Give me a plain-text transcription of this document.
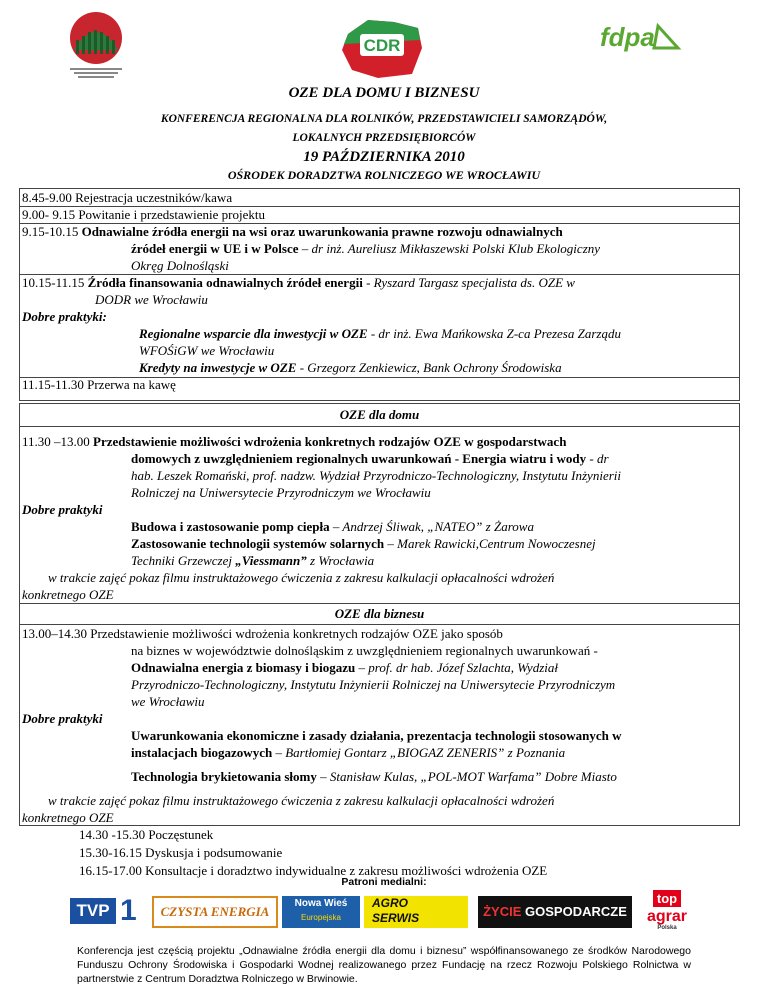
CDR	fdpa
OZE DLA DOMU I BIZNESU
KONFERENCJA REGIONALNA DLA ROLNIKÓW, PRZEDSTAWICIELI SAMORZĄDÓW,
LOKALNYCH PRZEDSIĘBIORCÓW
19 PAŹDZIERNIKA 2010
OŚRODEK DORADZTWA ROLNICZEGO WE WROCŁAWIU

8.45-9.00 Rejestracja uczestników/kawa

9.00- 9.15 Powitanie i przedstawienie projektu

9.15-10.15 Odnawialne źródła energii na wsi oraz uwarunkowania prawne rozwoju odnawialnych

źródeł energii w UE i w Polsce – dr inż. Aureliusz Mikłaszewski Polski Klub Ekologiczny

Okręg Dolnośląski

10.15-11.15 Źródła finansowania odnawialnych źródeł energii - Ryszard Targasz specjalista ds. OZE w

DODR we Wrocławiu

Dobre praktyki:

Regionalne wsparcie dla inwestycji w OZE - dr inż. Ewa Mańkowska Z-ca Prezesa Zarządu

WFOŚiGW we Wrocławiu

Kredyty na inwestycje w OZE - Grzegorz Zenkiewicz, Bank Ochrony Środowiska

11.15-11.30 Przerwa na kawę

OZE dla domu

11.30 –13.00 Przedstawienie możliwości wdrożenia konkretnych rodzajów OZE w gospodarstwach

domowych z uwzględnieniem regionalnych uwarunkowań - Energia wiatru i wody - dr

hab. Leszek Romański, prof. nadzw. Wydział Przyrodniczo-Technologiczny, Instytutu Inżynierii

Rolniczej na Uniwersytecie Przyrodniczym we Wrocławiu

Dobre praktyki

Budowa i zastosowanie pomp ciepła – Andrzej Śliwak, „NATEO” z Żarowa

Zastosowanie technologii systemów solarnych – Marek Rawicki,Centrum Nowoczesnej

Techniki Grzewczej „Viessmann” z Wrocławia

w trakcie zajęć pokaz filmu instruktażowego ćwiczenia z zakresu kalkulacji opłacalności wdrożeń

konkretnego OZE

OZE dla biznesu

13.00–14.30 Przedstawienie możliwości wdrożenia konkretnych rodzajów OZE jako sposób

na biznes w województwie dolnośląskim z uwzględnieniem regionalnych uwarunkowań -

Odnawialna energia z biomasy i biogazu – prof. dr hab. Józef Szlachta, Wydział

Przyrodniczo-Technologiczny, Instytutu Inżynierii Rolniczej na Uniwersytecie Przyrodniczym

we Wrocławiu

Dobre praktyki

Uwarunkowania ekonomiczne i zasady działania, prezentacja technologii stosowanych w

instalacjach biogazowych – Bartłomiej Gontarz „BIOGAZ ZENERIS” z Poznania

Technologia brykietowania słomy – Stanisław Kulas, „POL-MOT Warfama” Dobre Miasto

w trakcie zajęć pokaz filmu instruktażowego ćwiczenia z zakresu kalkulacji opłacalności wdrożeń

konkretnego OZE

14.30 -15.30 Poczęstunek
15.30-16.15 Dyskusja i podsumowanie
16.15-17.00 Konsultacje i doradztwo indywidualne z zakresu możliwości wdrożenia OZE
Patroni medialni:
TVP 1	CZYSTA ENERGIA
Nowa Wieś
Europejska
AGRO
SERWIS	ŻYCIE GOSPODARCZE
top
agrar
Polska
Konferencja jest częścią projektu „Odnawialne źródła energii dla domu i biznesu” współfinansowanego ze środków Narodowego Funduszu Ochrony Środowiska i Gospodarki Wodnej realizowanego przez Fundację na rzecz Rozwoju Polskiego Rolnictwa w partnerstwie z Centrum Doradztwa Rolniczego w Brwinowie.
